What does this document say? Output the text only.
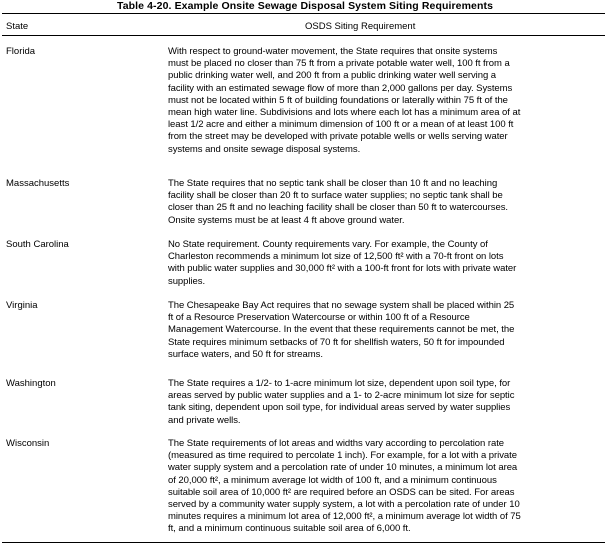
Table 4-20. Example Onsite Sewage Disposal System Siting Requirements
State	OSDS Siting Requirement
Florida	With respect to ground-water movement, the State requires that onsite systems
must be placed no closer than 75 ft from a private potable water well, 100 ft from a
public drinking water well, and 200 ft from a public drinking water well serving a
facility with an estimated sewage flow of more than 2,000 gallons per day. Systems
must not be located within 5 ft of building foundations or laterally within 75 ft of the
mean high water line. Subdivisions and lots where each lot has a minimum area of at
least 1/2 acre and either a minimum dimension of 100 ft or a mean of at least 100 ft
from the street may be developed with private potable wells or wells serving water
systems and onsite sewage disposal systems.
Massachusetts	The State requires that no septic tank shall be closer than 10 ft and no leaching
facility shall be closer than 20 ft to surface water supplies; no septic tank shall be
closer than 25 ft and no leaching facility shall be closer than 50 ft to watercourses.
Onsite systems must be at least 4 ft above ground water.
South Carolina	No State requirement. County requirements vary. For example, the County of
Charleston recommends a minimum lot size of 12,500 ft² with a 70-ft front on lots
with public water supplies and 30,000 ft² with a 100-ft front for lots with private water
supplies.
Virginia	The Chesapeake Bay Act requires that no sewage system shall be placed within 25
ft of a Resource Preservation Watercourse or within 100 ft of a Resource
Management Watercourse. In the event that these requirements cannot be met, the
State requires minimum setbacks of 70 ft for shellfish waters, 50 ft for impounded
surface waters, and 50 ft for streams.
Washington	The State requires a 1/2- to 1-acre minimum lot size, dependent upon soil type, for
areas served by public water supplies and a 1- to 2-acre minimum lot size for septic
tank siting, dependent upon soil type, for individual areas served by water supplies
and private wells.
Wisconsin	The State requirements of lot areas and widths vary according to percolation rate
(measured as time required to percolate 1 inch). For example, for a lot with a private
water supply system and a percolation rate of under 10 minutes, a minimum lot area
of 20,000 ft², a minimum average lot width of 100 ft, and a minimum continuous
suitable soil area of 10,000 ft² are required before an OSDS can be sited. For areas
served by a community water supply system, a lot with a percolation rate of under 10
minutes requires a minimum lot area of 12,000 ft², a minimum average lot width of 75
ft, and a minimum continuous suitable soil area of 6,000 ft.
